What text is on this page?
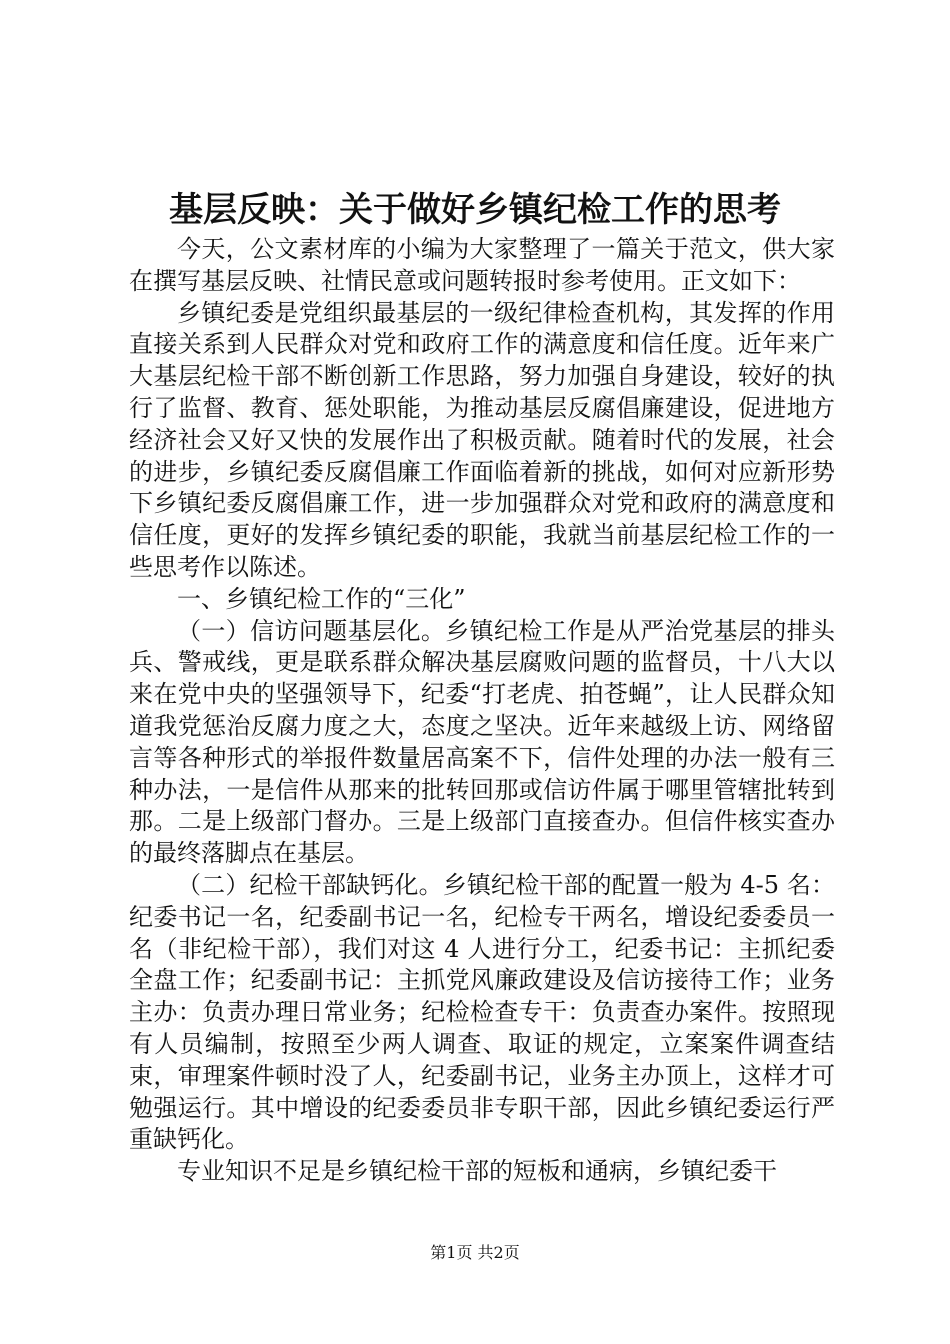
基层反映：关于做好乡镇纪检工作的思考

今天，公文素材库的小编为大家整理了一篇关于范文，供大家在撰写基层反映、社情民意或问题转报时参考使用。正文如下：

乡镇纪委是党组织最基层的一级纪律检查机构，其发挥的作用直接关系到人民群众对党和政府工作的满意度和信任度。近年来广大基层纪检干部不断创新工作思路，努力加强自身建设，较好的执行了监督、教育、惩处职能，为推动基层反腐倡廉建设，促进地方经济社会又好又快的发展作出了积极贡献。随着时代的发展，社会的进步，乡镇纪委反腐倡廉工作面临着新的挑战，如何对应新形势下乡镇纪委反腐倡廉工作，进一步加强群众对党和政府的满意度和信任度，更好的发挥乡镇纪委的职能，我就当前基层纪检工作的一些思考作以陈述。

一、乡镇纪检工作的“三化”

（一）信访问题基层化。乡镇纪检工作是从严治党基层的排头兵、警戒线，更是联系群众解决基层腐败问题的监督员，十八大以来在党中央的坚强领导下，纪委“打老虎、拍苍蝇”，让人民群众知道我党惩治反腐力度之大，态度之坚决。近年来越级上访、网络留言等各种形式的举报件数量居高案不下，信件处理的办法一般有三种办法，一是信件从那来的批转回那或信访件属于哪里管辖批转到那。二是上级部门督办。三是上级部门直接查办。但信件核实查办的最终落脚点在基层。

（二）纪检干部缺钙化。乡镇纪检干部的配置一般为 4-5 名：纪委书记一名，纪委副书记一名，纪检专干两名，增设纪委委员一名（非纪检干部），我们对这 4 人进行分工，纪委书记：主抓纪委全盘工作；纪委副书记：主抓党风廉政建设及信访接待工作；业务主办：负责办理日常业务；纪检检查专干：负责查办案件。按照现有人员编制，按照至少两人调查、取证的规定，立案案件调查结束，审理案件顿时没了人，纪委副书记，业务主办顶上，这样才可勉强运行。其中增设的纪委委员非专职干部，因此乡镇纪委运行严重缺钙化。

专业知识不足是乡镇纪检干部的短板和通病，乡镇纪委干

第1页 共2页
